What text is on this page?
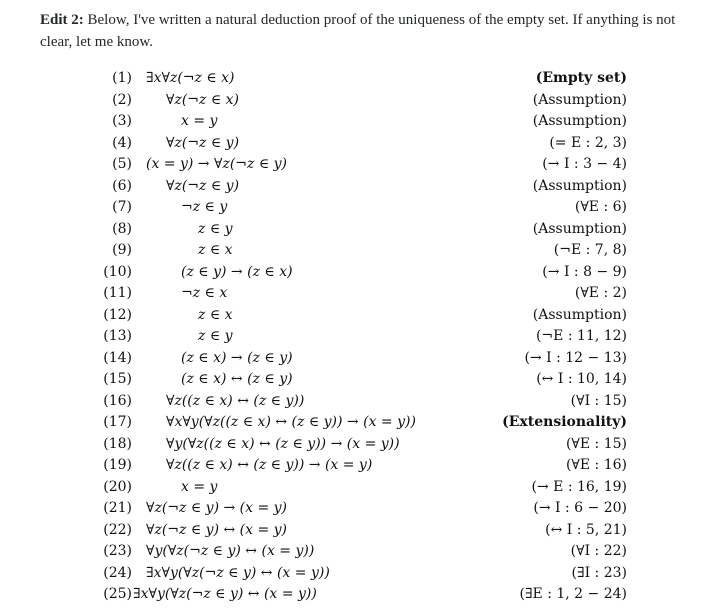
Edit 2: Below, I've written a natural deduction proof of the uniqueness of the empty set. If anything is not clear, let me know.
(1) ∃x∀z(¬z ∈ x)	(Empty set)
(2) ∀z(¬z ∈ x)	(Assumption)
(3)	x = y	(Assumption)
(4) ∀z(¬z ∈ y)	(= E : 2, 3)
(5) (x = y) → ∀z(¬z ∈ y)	(→ I : 3 − 4)
(6) ∀z(¬z ∈ y)	(Assumption)
(7)	¬z ∈ y	(∀E : 6)
(8)	z ∈ y	(Assumption)
(9)	z ∈ x	(¬E : 7, 8)
(10)	(z ∈ y) → (z ∈ x)	(→ I : 8 − 9)
(11)	¬z ∈ x	(∀E : 2)
(12)	z ∈ x	(Assumption)
(13)	z ∈ y	(¬E : 11, 12)
(14)	(z ∈ x) → (z ∈ y)	(→ I : 12 − 13)
(15)	(z ∈ x) ↔ (z ∈ y)	(↔ I : 10, 14)
(16) ∀z((z ∈ x) ↔ (z ∈ y))	(∀I : 15)
(17) ∀x∀y(∀z((z ∈ x) ↔ (z ∈ y)) → (x = y))	(Extensionality)
(18) ∀y(∀z((z ∈ x) ↔ (z ∈ y)) → (x = y))	(∀E : 15)
(19) ∀z((z ∈ x) ↔ (z ∈ y)) → (x = y)	(∀E : 16)
(20)	x = y	(→ E : 16, 19)
(21) ∀z(¬z ∈ y) → (x = y)	(→ I : 6 − 20)
(22) ∀z(¬z ∈ y) ↔ (x = y)	(↔ I : 5, 21)
(23) ∀y(∀z(¬z ∈ y) ↔ (x = y))	(∀I : 22)
(24) ∃x∀y(∀z(¬z ∈ y) ↔ (x = y))	(∃I : 23)
(25) ∃x∀y(∀z(¬z ∈ y) ↔ (x = y))	(∃E : 1, 2 − 24)
